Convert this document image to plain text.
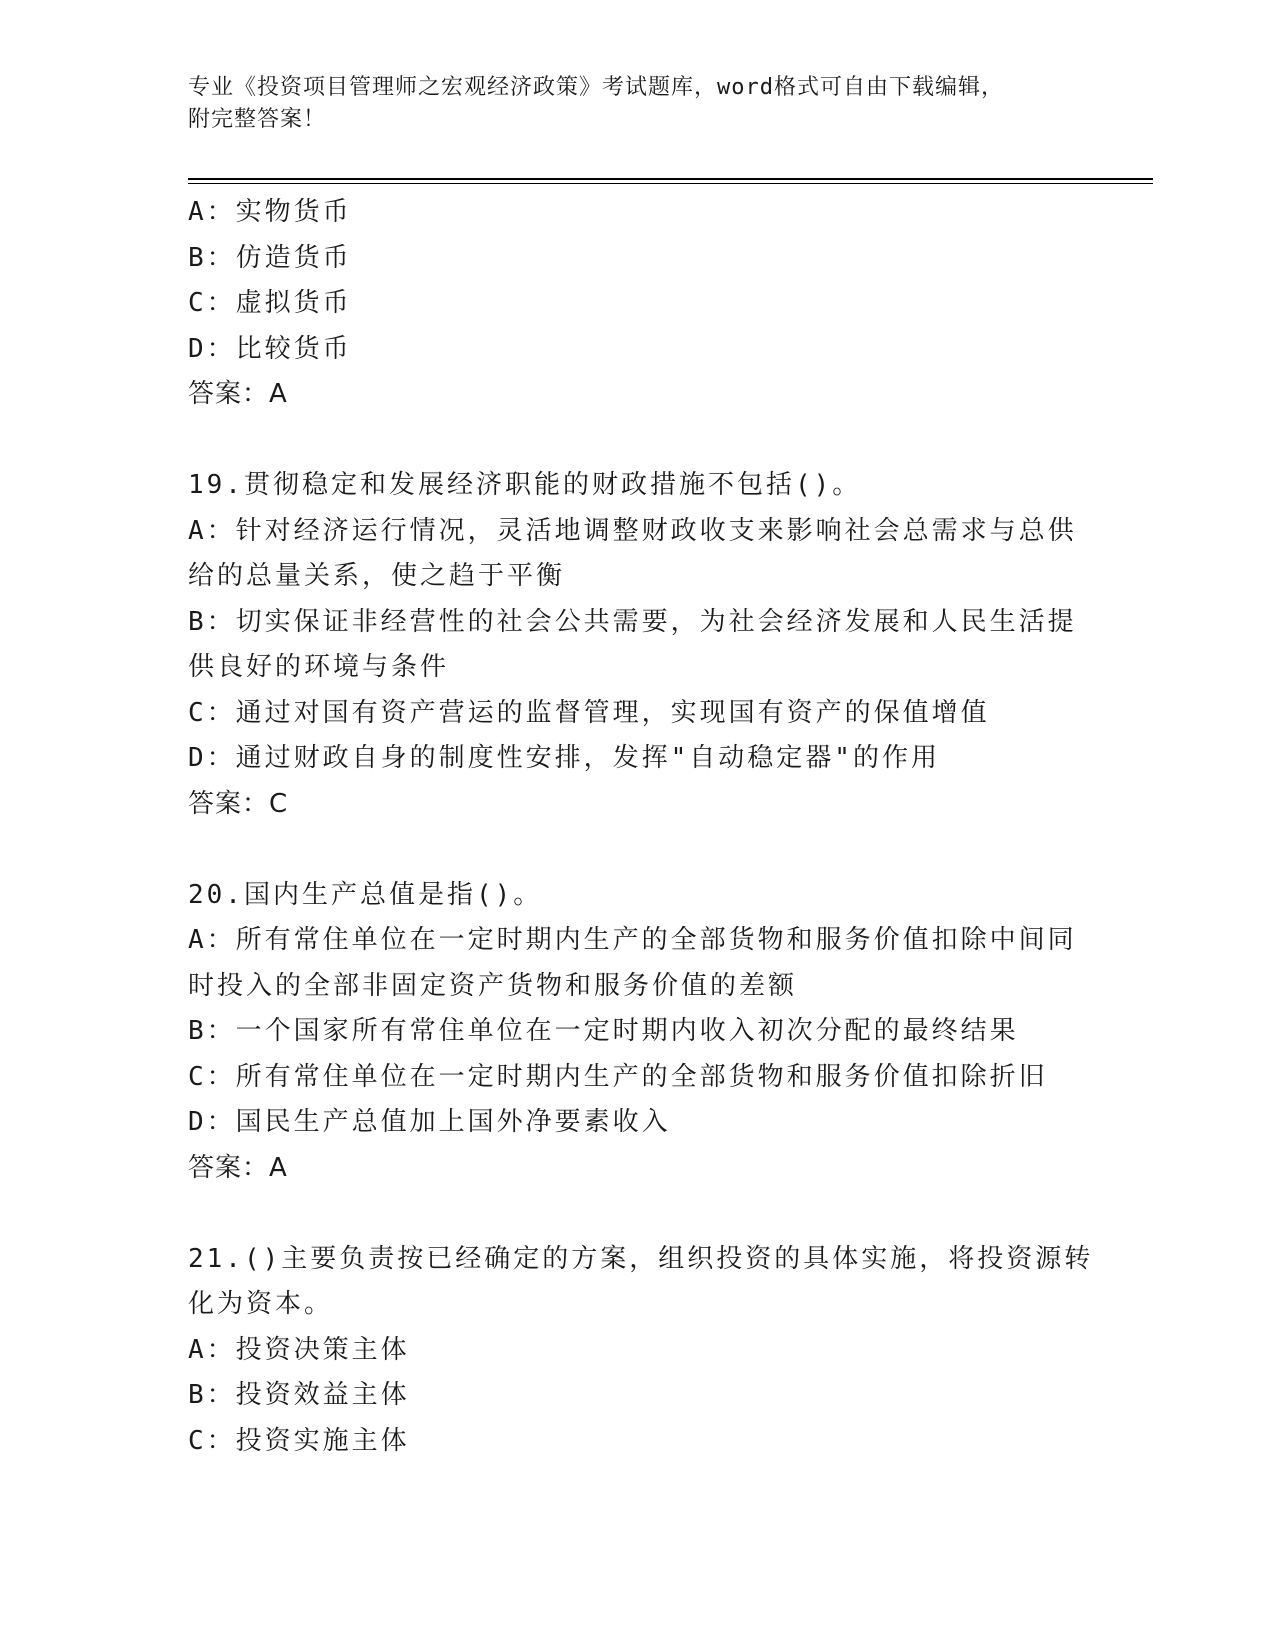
专业《投资项目管理师之宏观经济政策》考试题库，word格式可自由下载编辑，
附完整答案！
A：实物货币
B：仿造货币
C：虚拟货币
D：比较货币
答案：A
19.贯彻稳定和发展经济职能的财政措施不包括()。
A：针对经济运行情况，灵活地调整财政收支来影响社会总需求与总供
给的总量关系，使之趋于平衡
B：切实保证非经营性的社会公共需要，为社会经济发展和人民生活提
供良好的环境与条件
C：通过对国有资产营运的监督管理，实现国有资产的保值增值
D：通过财政自身的制度性安排，发挥"自动稳定器"的作用
答案：C
20.国内生产总值是指()。
A：所有常住单位在一定时期内生产的全部货物和服务价值扣除中间同
时投入的全部非固定资产货物和服务价值的差额
B：一个国家所有常住单位在一定时期内收入初次分配的最终结果
C：所有常住单位在一定时期内生产的全部货物和服务价值扣除折旧
D：国民生产总值加上国外净要素收入
答案：A
21.()主要负责按已经确定的方案，组织投资的具体实施，将投资源转
化为资本。
A：投资决策主体
B：投资效益主体
C：投资实施主体
